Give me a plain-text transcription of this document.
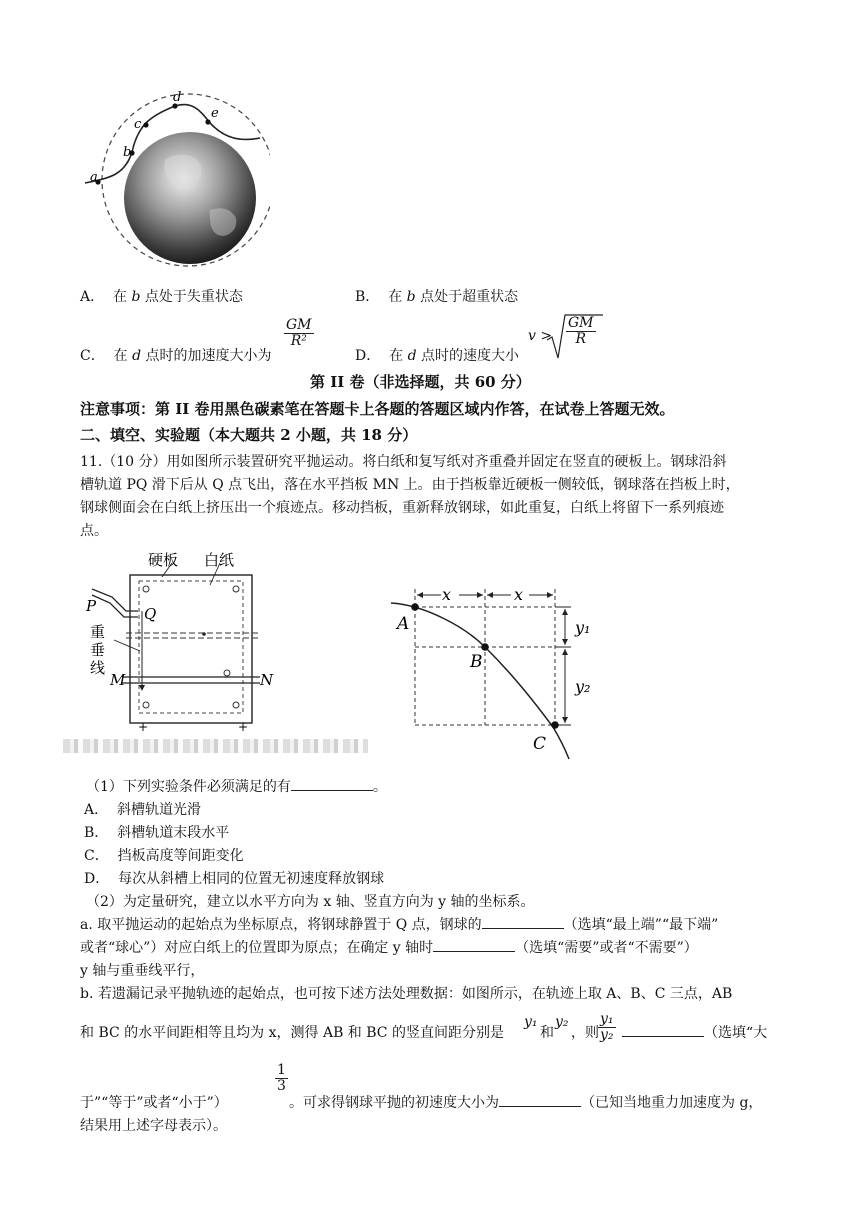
a
b
c
d
e
A． 在 b 点处于失重状态	B． 在 b 点处于超重状态
C． 在 d 点时的加速度大小为
$\frac{GM}{\text{R²}}$
D． 在 d 点时的速度大小
$v > \frac{GM}{R}$
第 II 卷（非选择题，共 60 分）
注意事项：第 II 卷用黑色碳素笔在答题卡上各题的答题区域内作答，在试卷上答题无效。
二、填空、实验题（本大题共 2 小题，共 18 分）
11.（10 分）用如图所示装置研究平抛运动。将白纸和复写纸对齐重叠并固定在竖直的硬板上。钢球沿斜
槽轨道 PQ 滑下后从 Q 点飞出，落在水平挡板 MN 上。由于挡板靠近硬板一侧较低，钢球落在挡板上时，
钢球侧面会在白纸上挤压出一个痕迹点。移动挡板，重新释放钢球，如此重复，白纸上将留下一系列痕迹
点。
+	+
硬板 白纸
重
垂
线
P	Q
M	N
x	x
y₁
y₂
A
B
C
（1）下列实验条件必须满足的有	。
A． 斜槽轨道光滑
B． 斜槽轨道末段水平
C． 挡板高度等间距变化
D． 每次从斜槽上相同的位置无初速度释放钢球
（2）为定量研究，建立以水平方向为 x 轴、竖直方向为 y 轴的坐标系。
a. 取平抛运动的起始点为坐标原点，将钢球静置于 Q 点，钢球的	（选填“最上端”“最下端”
或者“球心”）对应白纸上的位置即为原点；在确定 y 轴时	（选填“需要”或者“不需要”）
y 轴与重垂线平行，
b. 若遗漏记录平抛轨迹的起始点，也可按下述方法处理数据：如图所示，在轨迹上取 A、B、C 三点，AB
和 BC 的水平间距相等且均为 x，测得 AB 和 BC 的竖直间距分别是
y₁
和
y₂
，则 $\frac{\text{y₁}}{\text{y₂}}$	（选填“大
于”“等于”或者“小于”）
$\frac{1}{3}$
。可求得钢球平抛的初速度大小为	（已知当地重力加速度为 g，
结果用上述字母表示）。
